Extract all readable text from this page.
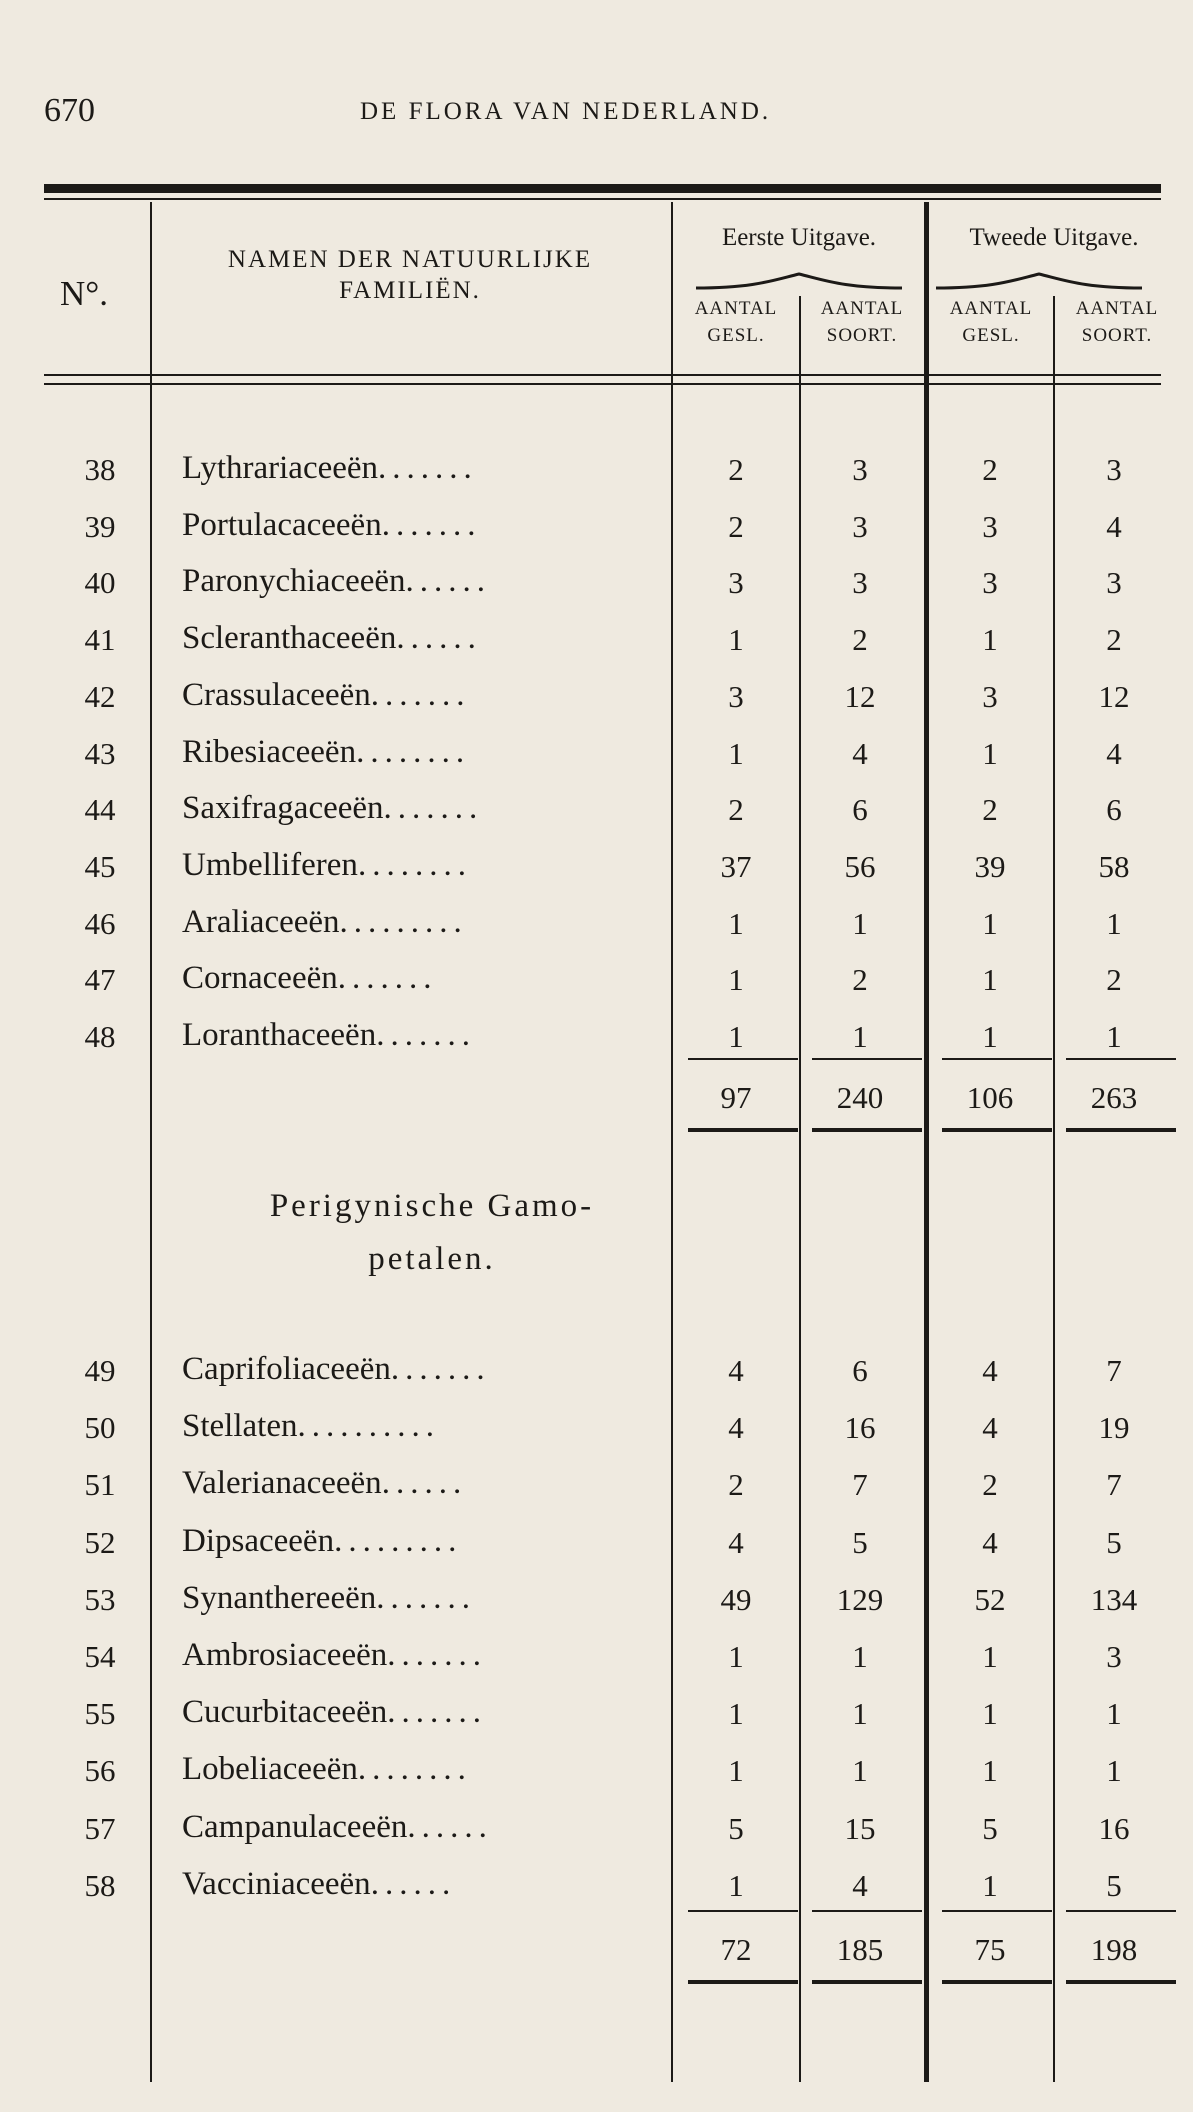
670	DE FLORA VAN NEDERLAND.
N°.
NAMEN DER NATUURLIJKE
FAMILIËN.
Eerste Uitgave.	Tweede Uitgave.
AANTAL
GESL.
AANTAL
SOORT.
AANTAL
GESL.
AANTAL
SOORT.
38	Lythrariaceeën.......	2	3	2	3
39	Portulacaceeën.......	2	3	3	4
40	Paronychiaceeën......	3	3	3	3
41	Scleranthaceeën......	1	2	1	2
42	Crassulaceeën.......	3	12	3	12
43	Ribesiaceeën........	1	4	1	4
44	Saxifragaceeën.......	2	6	2	6
45	Umbelliferen........	37	56	39	58
46	Araliaceeën.........	1	1	1	1
47	Cornaceeën.......	1	2	1	2
48	Loranthaceeën.......	1	1	1	1
97	240	106	263
49	Caprifoliaceeën.......	4	6	4	7
50	Stellaten..........	4	16	4	19
51	Valerianaceeën......	2	7	2	7
52	Dipsaceeën.........	4	5	4	5
53	Synanthereeën.......	49	129	52	134
54	Ambrosiaceeën.......	1	1	1	3
55	Cucurbitaceeën.......	1	1	1	1
56	Lobeliaceeën........	1	1	1	1
57	Campanulaceeën......	5	15	5	16
58	Vacciniaceeën......	1	4	1	5
72	185	75	198
Perigynische Gamo-
petalen.
